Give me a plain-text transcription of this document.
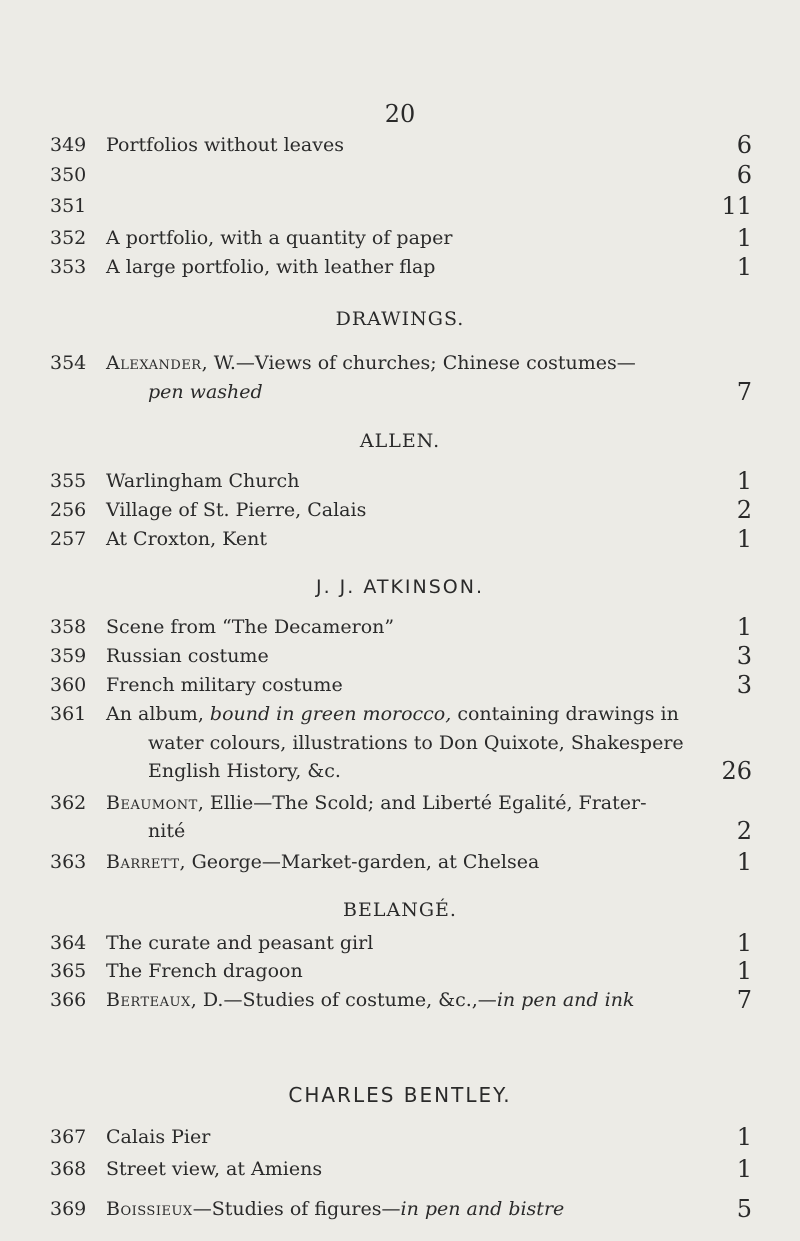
20
349 Portfolios without leaves	6
350	6
351	11
352 A portfolio, with a quantity of paper	1
353 A large portfolio, with leather flap	1
DRAWINGS.
354 Alexander, W.—Views of churches; Chinese costumes—
pen washed	7
ALLEN.
355 Warlingham Church	1
256 Village of St. Pierre, Calais	2
257 At Croxton, Kent	1
J. J. ATKINSON.
358 Scene from “The Decameron”	1
359 Russian costume	3
360 French military costume	3
361 An album, bound in green morocco, containing drawings in
water colours, illustrations to Don Quixote, Shakespere
English History, &c.	26
362 Beaumont, Ellie—The Scold; and Liberté Egalité, Frater-
nité	2
363 Barrett, George—Market-garden, at Chelsea	1
BELANGÉ.
364 The curate and peasant girl	1
365 The French dragoon	1
366 Berteaux, D.—Studies of costume, &c.,—in pen and ink	7
CHARLES BENTLEY.
367 Calais Pier	1
368 Street view, at Amiens	1
369 Boissieux—Studies of figures—in pen and bistre	5
